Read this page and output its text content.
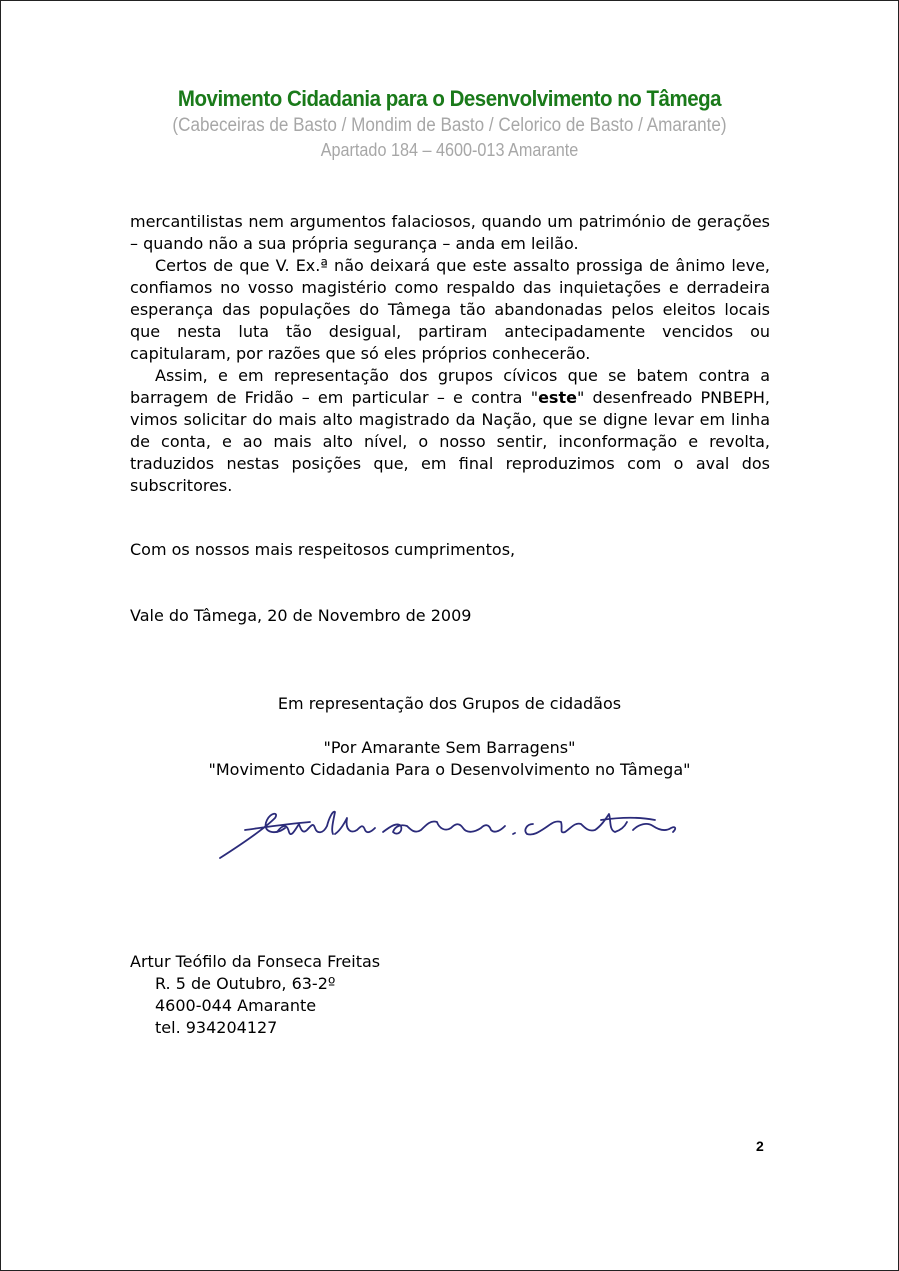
Movimento Cidadania para o Desenvolvimento no Tâmega
(Cabeceiras de Basto / Mondim de Basto / Celorico de Basto / Amarante)
Apartado 184 – 4600-013 Amarante

mercantilistas nem argumentos falaciosos, quando um património de gerações – quando não a sua própria segurança – anda em leilão.

Certos de que V. Ex.ª não deixará que este assalto prossiga de ânimo leve, confiamos no vosso magistério como respaldo das inquietações e derradeira esperança das populações do Tâmega tão abandonadas pelos eleitos locais que nesta luta tão desigual, partiram antecipadamente vencidos ou capitularam, por razões que só eles próprios conhecerão.

Assim, e em representação dos grupos cívicos que se batem contra a barragem de Fridão – em particular – e contra "este" desenfreado PNBEPH, vimos solicitar do mais alto magistrado da Nação, que se digne levar em linha de conta, e ao mais alto nível, o nosso sentir, inconformação e revolta, traduzidos nestas posições que, em final reproduzimos com o aval dos subscritores.

Com os nossos mais respeitosos cumprimentos,
Vale do Tâmega, 20 de Novembro de 2009
Em representação dos Grupos de cidadãos
"Por Amarante Sem Barragens"
"Movimento Cidadania Para o Desenvolvimento no Tâmega"
Artur Teófilo da Fonseca Freitas
R. 5 de Outubro, 63-2º
4600-044 Amarante
tel. 934204127
2
